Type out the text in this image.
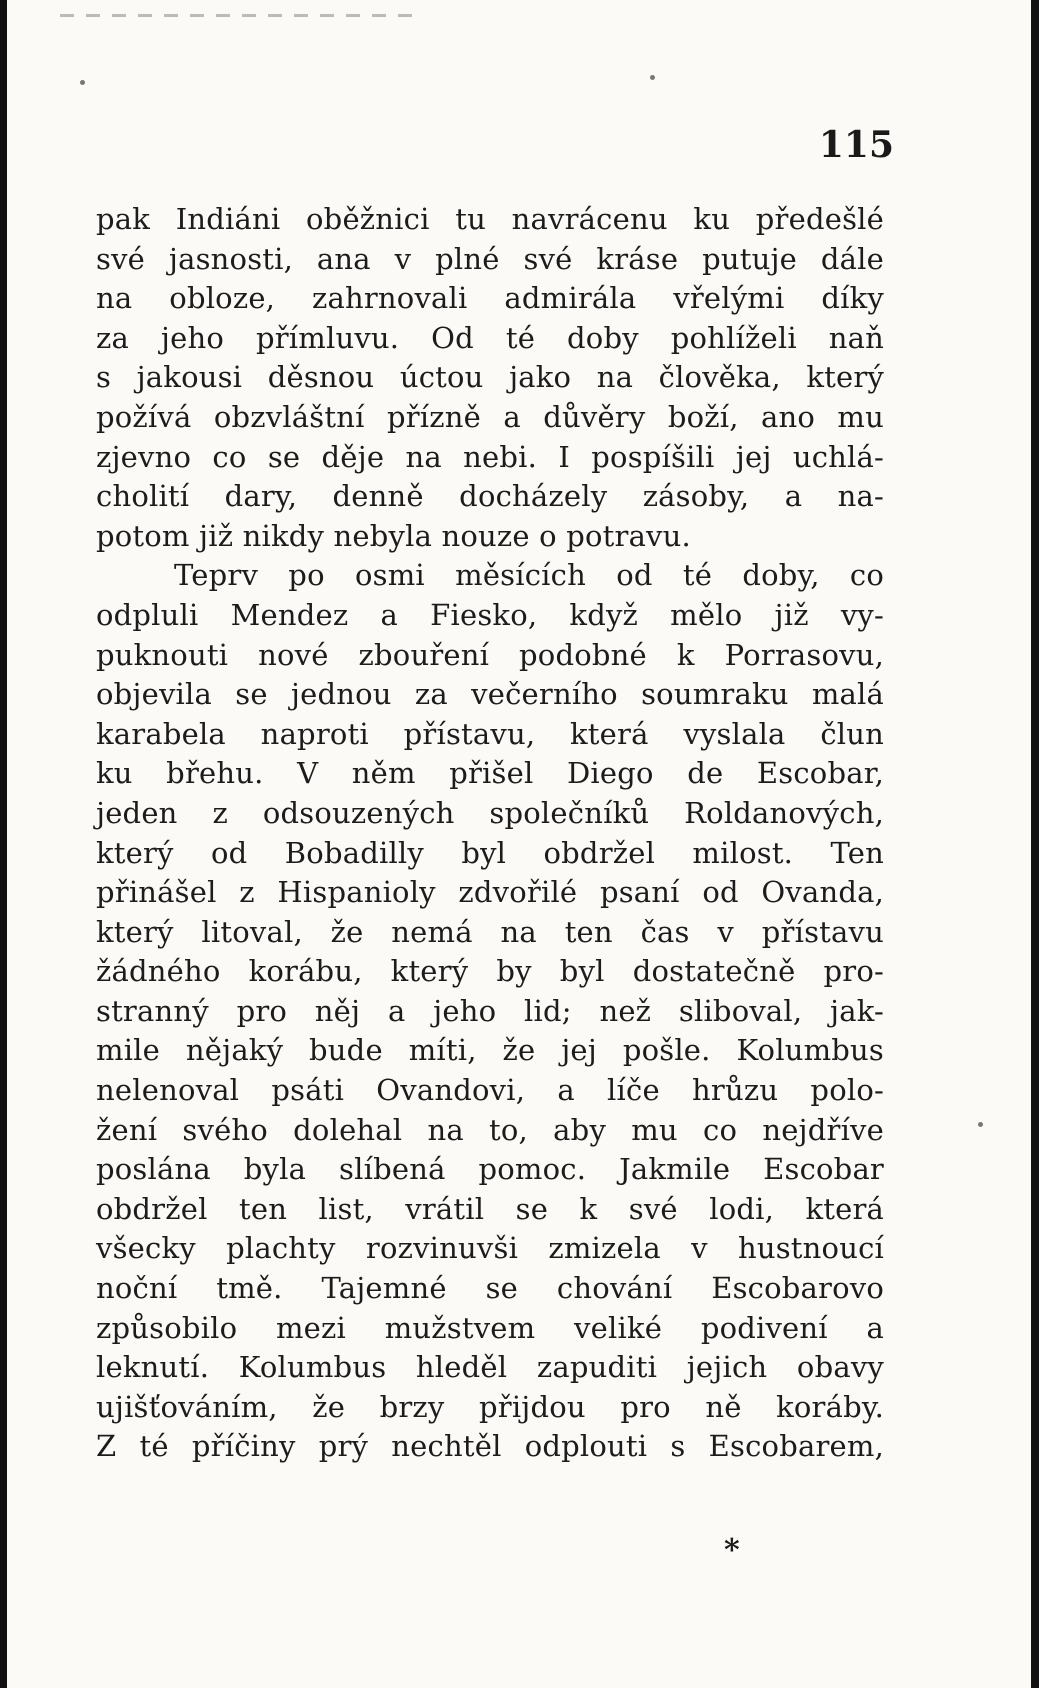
115
pak Indiáni oběžnici tu navrácenu ku předešlé
své jasnosti, ana v plné své kráse putuje dále
na obloze, zahrnovali admirála vřelými díky
za jeho přímluvu. Od té doby pohlíželi naň
s jakousi děsnou úctou jako na člověka, který
požívá obzvláštní přízně a důvěry boží, ano mu
zjevno co se děje na nebi. I pospíšili jej uchlá-
cholití dary, denně docházely zásoby, a na-
potom již nikdy nebyla nouze o potravu.
Teprv po osmi měsících od té doby, co
odpluli Mendez a Fiesko, když mělo již vy-
puknouti nové zbouření podobné k Porrasovu,
objevila se jednou za večerního soumraku malá
karabela naproti přístavu, která vyslala člun
ku břehu. V něm přišel Diego de Escobar,
jeden z odsouzených společníků Roldanových,
který od Bobadilly byl obdržel milost. Ten
přinášel z Hispanioly zdvořilé psaní od Ovanda,
který litoval, že nemá na ten čas v přístavu
žádného korábu, který by byl dostatečně pro-
stranný pro něj a jeho lid; než sliboval, jak-
mile nějaký bude míti, že jej pošle. Kolumbus
nelenoval psáti Ovandovi, a líče hrůzu polo-
žení svého dolehal na to, aby mu co nejdříve
poslána byla slíbená pomoc. Jakmile Escobar
obdržel ten list, vrátil se k své lodi, která
všecky plachty rozvinuvši zmizela v hustnoucí
noční tmě. Tajemné se chování Escobarovo
způsobilo mezi mužstvem veliké podivení a
leknutí. Kolumbus hleděl zapuditi jejich obavy
ujišťováním, že brzy přijdou pro ně koráby.
Z té příčiny prý nechtěl odplouti s Escobarem,
*
